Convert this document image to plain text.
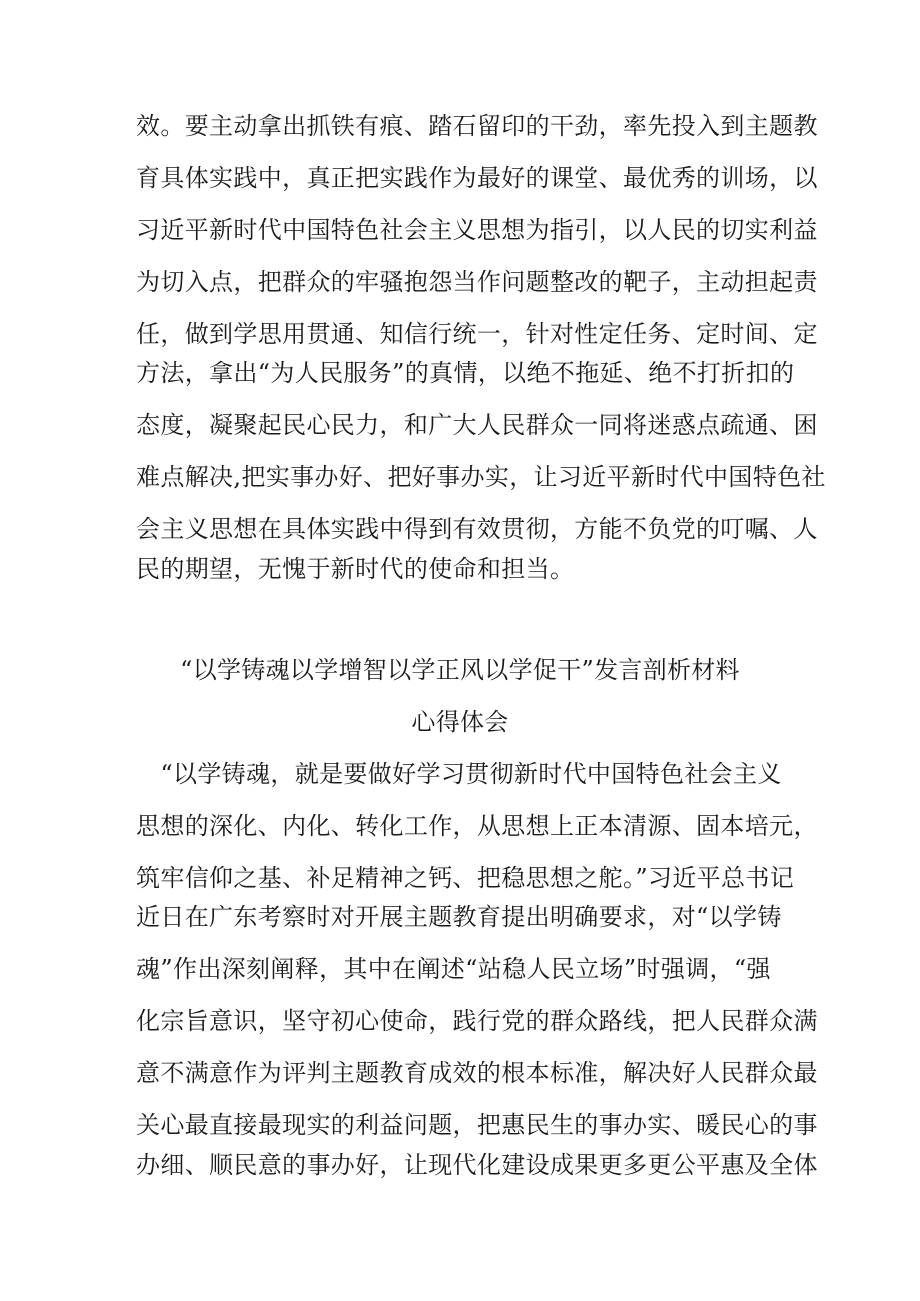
效。要主动拿出抓铁有痕、踏石留印的干劲，率先投入到主题教
育具体实践中，真正把实践作为最好的课堂、最优秀的训场，以
习近平新时代中国特色社会主义思想为指引，以人民的切实利益
为切入点，把群众的牢骚抱怨当作问题整改的靶子，主动担起责
任，做到学思用贯通、知信行统一，针对性定任务、定时间、定
方法，拿出“为人民服务”的真情，以绝不拖延、绝不打折扣的
态度，凝聚起民心民力，和广大人民群众一同将迷惑点疏通、困
难点解决,把实事办好、把好事办实，让习近平新时代中国特色社
会主义思想在具体实践中得到有效贯彻，方能不负党的叮嘱、人
民的期望，无愧于新时代的使命和担当。
“以学铸魂以学增智以学正风以学促干”发言剖析材料
心得体会
　“以学铸魂，就是要做好学习贯彻新时代中国特色社会主义
思想的深化、内化、转化工作，从思想上正本清源、固本培元，
筑牢信仰之基、补足精神之钙、把稳思想之舵。”习近平总书记
近日在广东考察时对开展主题教育提出明确要求，对“以学铸
魂”作出深刻阐释，其中在阐述“站稳人民立场”时强调，“强
化宗旨意识，坚守初心使命，践行党的群众路线，把人民群众满
意不满意作为评判主题教育成效的根本标准，解决好人民群众最
关心最直接最现实的利益问题，把惠民生的事办实、暖民心的事
办细、顺民意的事办好，让现代化建设成果更多更公平惠及全体
